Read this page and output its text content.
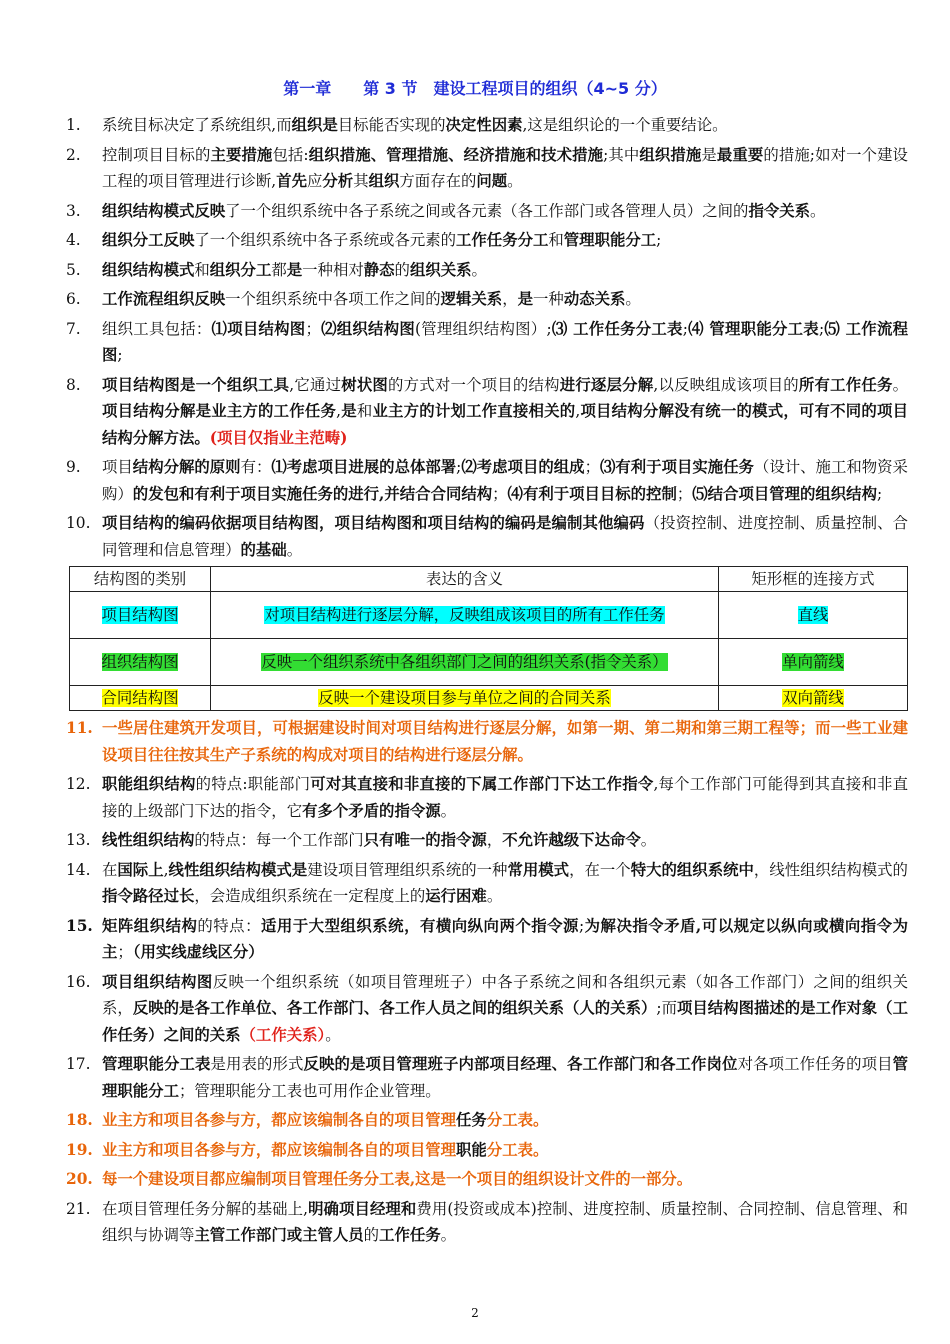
第一章　　第 3 节　建设工程项目的组织（4~5 分）
1.	系统目标决定了系统组织,而组织是目标能否实现的决定性因素,这是组织论的一个重要结论。
2.	控制项目目标的主要措施包括:组织措施、管理措施、经济措施和技术措施;其中组织措施是最重要的措施;如对一个建设工程的项目管理进行诊断,首先应分析其组织方面存在的问题。
3.	组织结构模式反映了一个组织系统中各子系统之间或各元素（各工作部门或各管理人员）之间的指令关系。
4.	组织分工反映了一个组织系统中各子系统或各元素的工作任务分工和管理职能分工;
5.	组织结构模式和组织分工都是一种相对静态的组织关系。
6.	工作流程组织反映一个组织系统中各项工作之间的逻辑关系，是一种动态关系。
7.	组织工具包括：⑴项目结构图；⑵组织结构图(管理组织结构图）;⑶ 工作任务分工表;⑷ 管理职能分工表;⑸ 工作流程图;
8.	项目结构图是一个组织工具,它通过树状图的方式对一个项目的结构进行逐层分解,以反映组成该项目的所有工作任务。项目结构分解是业主方的工作任务,是和业主方的计划工作直接相关的,项目结构分解没有统一的模式，可有不同的项目结构分解方法。(项目仅指业主范畴)
9.	项目结构分解的原则有：⑴考虑项目进展的总体部署;⑵考虑项目的组成；⑶有利于项目实施任务（设计、施工和物资采购）的发包和有利于项目实施任务的进行,并结合合同结构；⑷有利于项目目标的控制；⑸结合项目管理的组织结构;
10. 项目结构的编码依据项目结构图，项目结构图和项目结构的编码是编制其他编码（投资控制、进度控制、质量控制、合同管理和信息管理）的基础。
结构图的类别	表达的含义	矩形框的连接方式
项目结构图	对项目结构进行逐层分解，反映组成该项目的所有工作任务	直线
组织结构图	反映一个组织系统中各组织部门之间的组织关系(指令关系）	单向箭线
合同结构图	反映一个建设项目参与单位之间的合同关系	双向箭线
11. 一些居住建筑开发项目，可根据建设时间对项目结构进行逐层分解，如第一期、第二期和第三期工程等；而一些工业建设项目往往按其生产子系统的构成对项目的结构进行逐层分解。
12. 职能组织结构的特点:职能部门可对其直接和非直接的下属工作部门下达工作指令,每个工作部门可能得到其直接和非直接的上级部门下达的指令，它有多个矛盾的指令源。
13. 线性组织结构的特点：每一个工作部门只有唯一的指令源，不允许越级下达命令。
14. 在国际上,线性组织结构模式是建设项目管理组织系统的一种常用模式，在一个特大的组织系统中，线性组织结构模式的指令路径过长，会造成组织系统在一定程度上的运行困难。
15. 矩阵组织结构的特点：适用于大型组织系统，有横向纵向两个指令源;为解决指令矛盾,可以规定以纵向或横向指令为主；（用实线虚线区分）
16. 项目组织结构图反映一个组织系统（如项目管理班子）中各子系统之间和各组织元素（如各工作部门）之间的组织关系，反映的是各工作单位、各工作部门、各工作人员之间的组织关系（人的关系）;而项目结构图描述的是工作对象（工作任务）之间的关系（工作关系）。
17. 管理职能分工表是用表的形式反映的是项目管理班子内部项目经理、各工作部门和各工作岗位对各项工作任务的项目管理职能分工；管理职能分工表也可用作企业管理。
18. 业主方和项目各参与方，都应该编制各自的项目管理任务分工表。
19. 业主方和项目各参与方，都应该编制各自的项目管理职能分工表。
20. 每一个建设项目都应编制项目管理任务分工表,这是一个项目的组织设计文件的一部分。
21. 在项目管理任务分解的基础上,明确项目经理和费用(投资或成本)控制、进度控制、质量控制、合同控制、信息管理、和组织与协调等主管工作部门或主管人员的工作任务。
2
